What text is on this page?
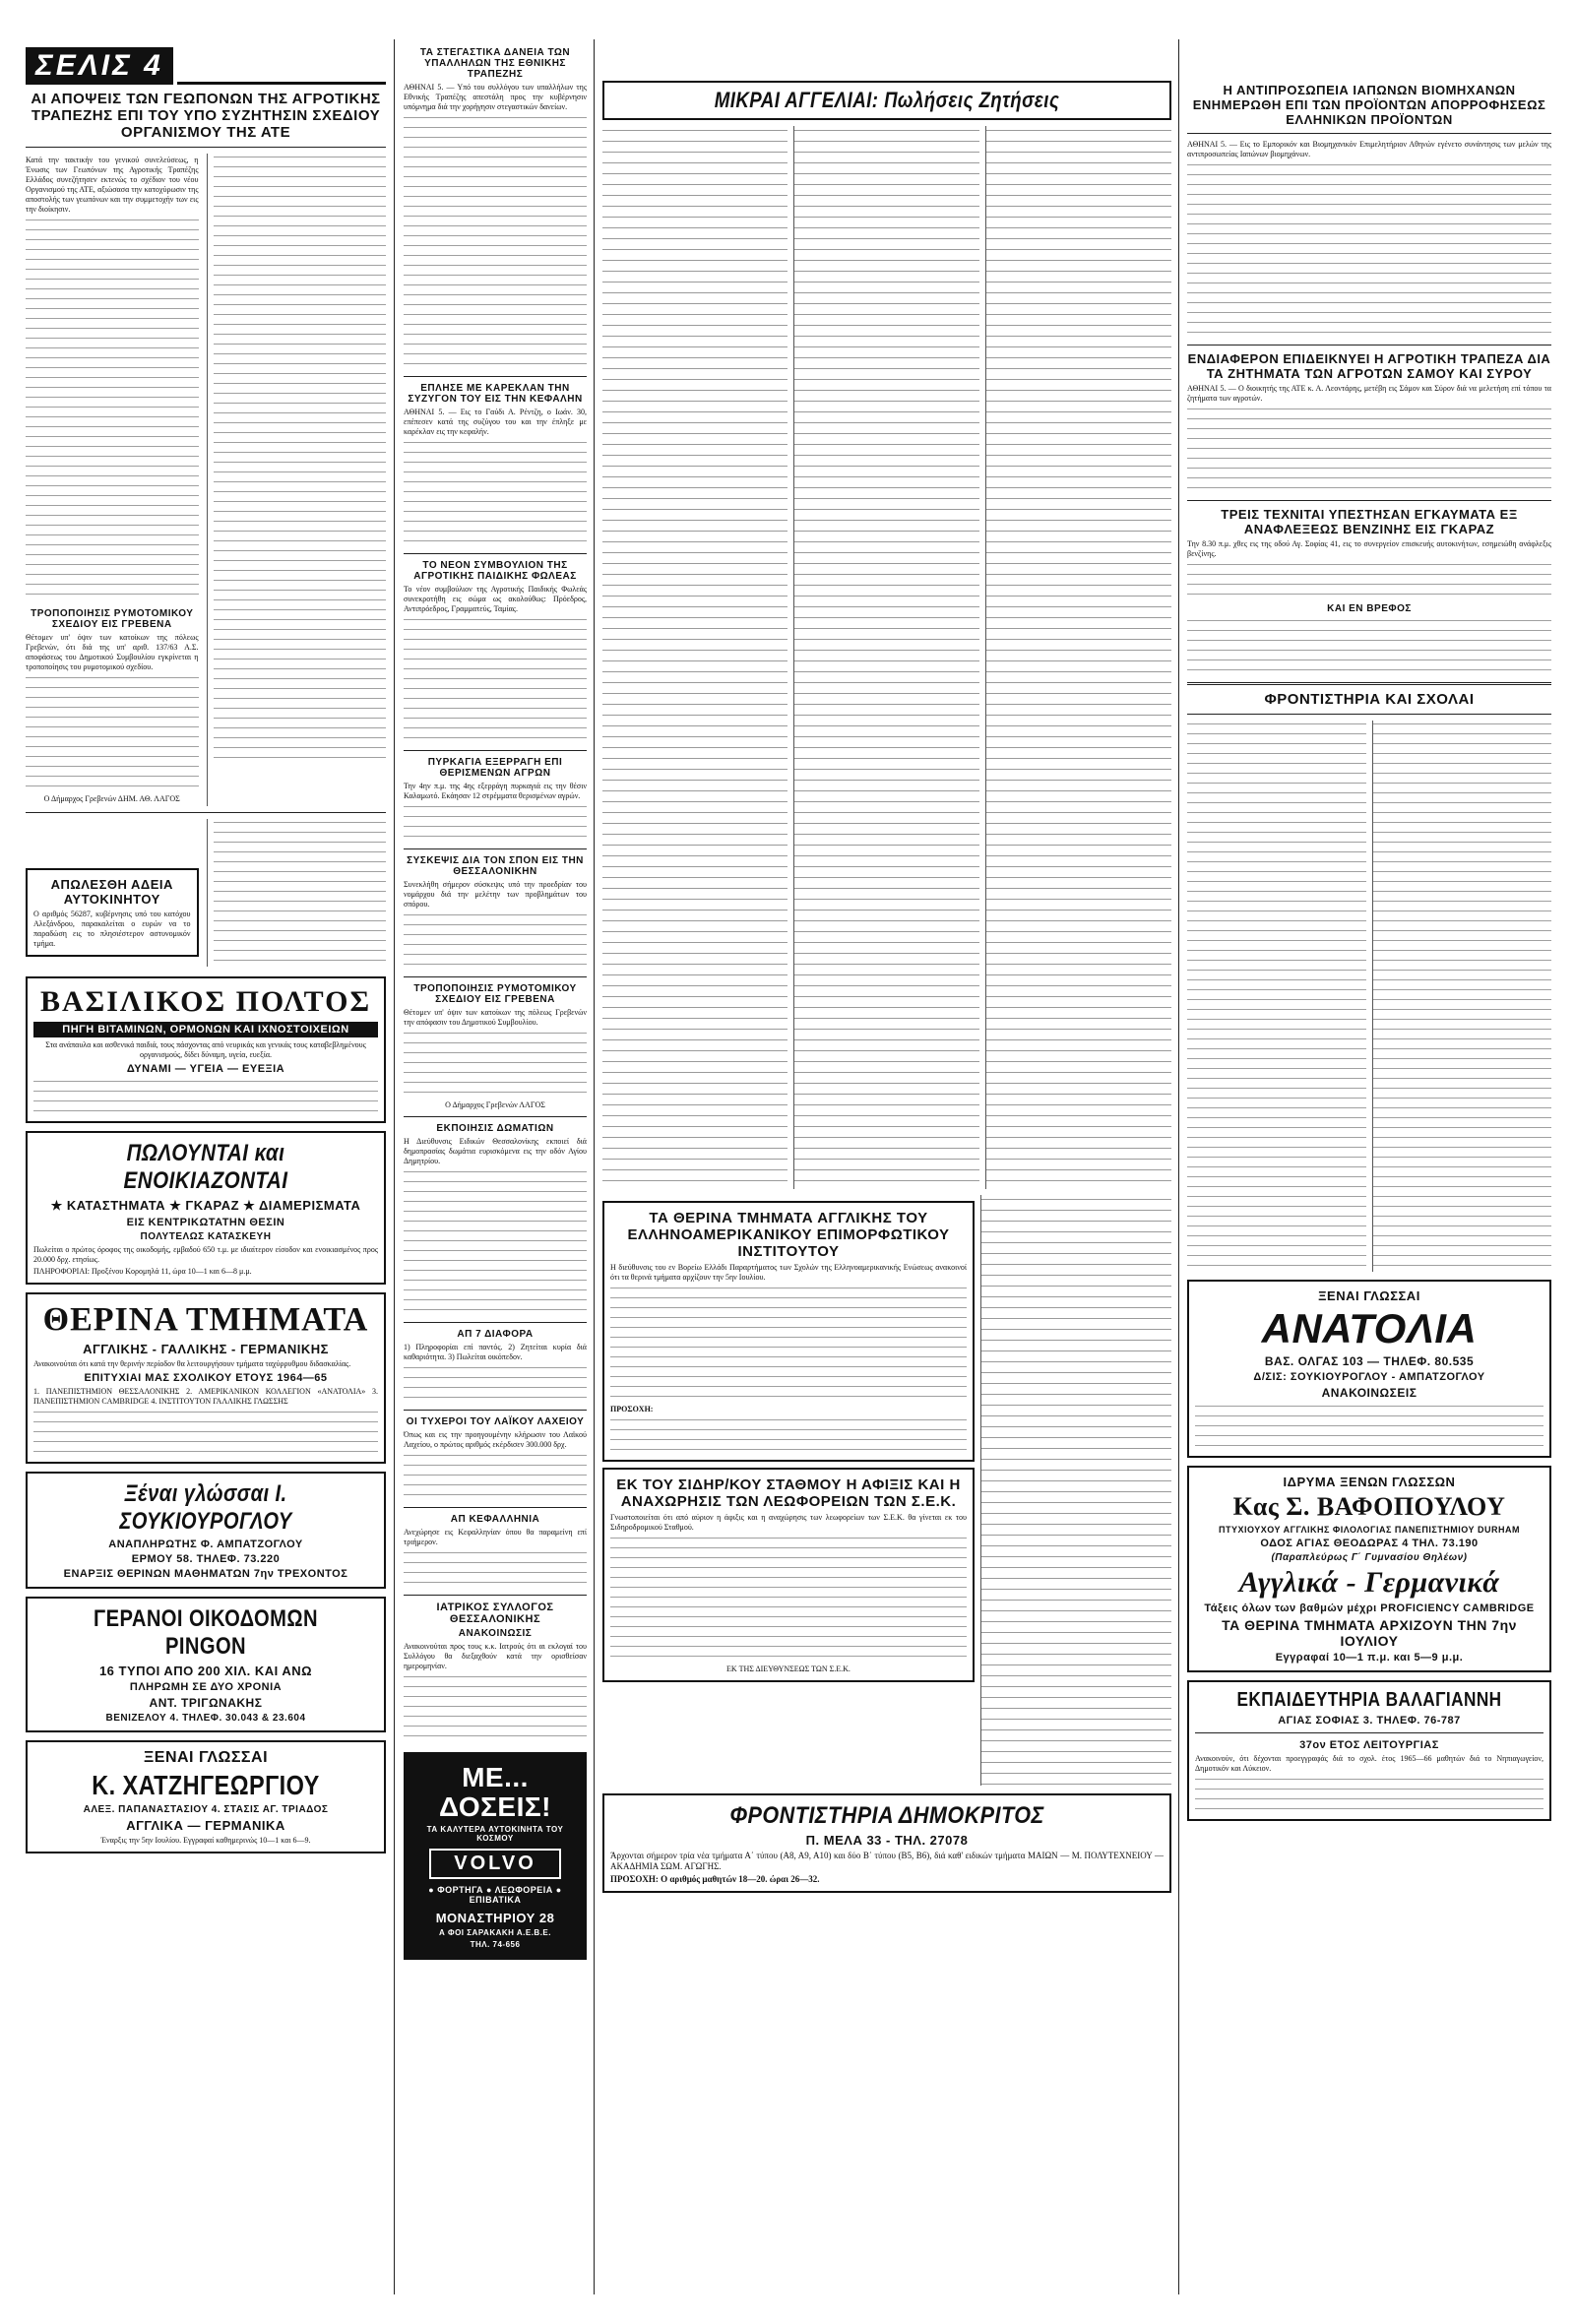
ΣΕΛΙΣ 4
ΑΙ ΑΠΟΨΕΙΣ ΤΩΝ ΓΕΩΠΟΝΩΝ ΤΗΣ ΑΓΡΟΤΙΚΗΣ ΤΡΑΠΕΖΗΣ ΕΠΙ ΤΟΥ ΥΠΟ ΣΥΖΗΤΗΣΙΝ ΣΧΕΔΙΟΥ ΟΡΓΑΝΙΣΜΟΥ ΤΗΣ ΑΤΕ

Κατά την τακτικήν του γενικού συνελεύσεως, η Ένωσις των Γεωπόνων της Αγροτικής Τραπέζης Ελλάδος συνεζήτησεν εκτενώς το σχέδιον του νέου Οργανισμού της ΑΤΕ, αξιώσασα την κατοχύρωσιν της αποστολής των γεωπόνων και την συμμετοχήν των εις την διοίκησιν.

ΤΡΟΠΟΠΟΙΗΣΙΣ ΡΥΜΟΤΟΜΙΚΟΥ ΣΧΕΔΙΟΥ ΕΙΣ ΓΡΕΒΕΝΑ

Θέτομεν υπ' όψιν των κατοίκων της πόλεως Γρεβενών, ότι διά της υπ' αριθ. 137/63 Α.Σ. αποφάσεως του Δημοτικού Συμβουλίου εγκρίνεται η τροποποίησις του ρυμοτομικού σχεδίου.

Ο Δήμαρχος Γρεβενών ΔΗΜ. ΑΘ. ΛΑΓΟΣ

ΑΠΩΛΕΣΘΗ ΑΔΕΙΑ ΑΥΤΟΚΙΝΗΤΟΥ

Ο αριθμός 56287, κυβέρνησις υπό του κατόχου Αλεξάνδρου, παρακαλείται ο ευρών να το παραδώση εις το πλησιέστερον αστυνομικόν τμήμα.

ΒΑΣΙΛΙΚΟΣ ΠΟΛΤΟΣ
ΠΗΓΗ ΒΙΤΑΜΙΝΩΝ, ΟΡΜΟΝΩΝ ΚΑΙ ΙΧΝΟΣΤΟΙΧΕΙΩΝ

Στα ανάπαυλα και ασθενικά παιδιά, τους πάσχοντας από νευρικάς και γενικάς τους καταβεβλημένους οργανισμούς, δίδει δύναμη, υγεία, ευεξία.

ΔΥΝΑΜΙ — ΥΓΕΙΑ — ΕΥΕΞΙΑ
ΠΩΛΟΥΝΤΑΙ και ΕΝΟΙΚΙΑΖΟΝΤΑΙ
★ ΚΑΤΑΣΤΗΜΑΤΑ ★ ΓΚΑΡΑΖ ★ ΔΙΑΜΕΡΙΣΜΑΤΑ
ΕΙΣ ΚΕΝΤΡΙΚΩΤΑΤΗΝ ΘΕΣΙΝ
ΠΟΛΥΤΕΛΩΣ ΚΑΤΑΣΚΕΥΗ

Πωλείται ο πρώτος όροφος της οικοδομής, εμβαδού 650 τ.μ. με ιδιαίτερον είσοδον και ενοικιασμένος προς 20.000 δρχ. ετησίως.

ΠΛΗΡΟΦΟΡΙΑΙ: Προξένου Κορομηλά 11, ώρα 10—1 και 6—8 μ.μ.

ΘΕΡΙΝΑ ΤΜΗΜΑΤΑ
ΑΓΓΛΙΚΗΣ - ΓΑΛΛΙΚΗΣ - ΓΕΡΜΑΝΙΚΗΣ

Ανακοινούται ότι κατά την θερινήν περίοδον θα λειτουργήσουν τμήματα ταχύρρυθμου διδασκαλίας.

ΕΠΙΤΥΧΙΑΙ ΜΑΣ ΣΧΟΛΙΚΟΥ ΕΤΟΥΣ 1964—65

1. ΠΑΝΕΠΙΣΤΗΜΙΟΝ ΘΕΣΣΑΛΟΝΙΚΗΣ 2. ΑΜΕΡΙΚΑΝΙΚΟΝ ΚΟΛΛΕΓΙΟΝ «ΑΝΑΤΟΛΙΑ» 3. ΠΑΝΕΠΙΣΤΗΜΙΟΝ CAMBRIDGE 4. ΙΝΣΤΙΤΟΥΤΟΝ ΓΑΛΛΙΚΗΣ ΓΛΩΣΣΗΣ

Ξέναι γλώσσαι Ι. ΣΟΥΚΙΟΥΡΟΓΛΟΥ
ΑΝΑΠΛΗΡΩΤΗΣ Φ. ΑΜΠΑΤΖΟΓΛΟΥ
ΕΡΜΟΥ 58. ΤΗΛΕΦ. 73.220
ΕΝΑΡΞΙΣ ΘΕΡΙΝΩΝ ΜΑΘΗΜΑΤΩΝ 7ην ΤΡΕΧΟΝΤΟΣ
ΓΕΡΑΝΟΙ ΟΙΚΟΔΟΜΩΝ PINGON
16 ΤΥΠΟΙ ΑΠΟ 200 ΧΙΛ. ΚΑΙ ΑΝΩ
ΠΛΗΡΩΜΗ ΣΕ ΔΥΟ ΧΡΟΝΙΑ
ΑΝΤ. ΤΡΙΓΩΝΑΚΗΣ
ΒΕΝΙΖΕΛΟΥ 4. ΤΗΛΕΦ. 30.043 & 23.604
ΞΕΝΑΙ ΓΛΩΣΣΑΙ
Κ. ΧΑΤΖΗΓΕΩΡΓΙΟΥ
ΑΛΕΞ. ΠΑΠΑΝΑΣΤΑΣΙΟΥ 4. ΣΤΑΣΙΣ ΑΓ. ΤΡΙΑΔΟΣ
ΑΓΓΛΙΚΑ — ΓΕΡΜΑΝΙΚΑ

Έναρξις την 5ην Ιουλίου. Εγγραφαί καθημερινώς 10—1 και 6—9.

ΤΑ ΣΤΕΓΑΣΤΙΚΑ ΔΑΝΕΙΑ ΤΩΝ ΥΠΑΛΛΗΛΩΝ ΤΗΣ ΕΘΝΙΚΗΣ ΤΡΑΠΕΖΗΣ

ΑΘΗΝΑΙ 5. — Υπό του συλλόγου των υπαλλήλων της Εθνικής Τραπέζης απεστάλη προς την κυβέρνησιν υπόμνημα διά την χορήγησιν στεγαστικών δανείων.

ΕΠΛΗΣΕ ΜΕ ΚΑΡΕΚΛΑΝ ΤΗΝ ΣΥΖΥΓΟΝ ΤΟΥ ΕΙΣ ΤΗΝ ΚΕΦΑΛΗΝ

ΑΘΗΝΑΙ 5. — Εις το Γαύδι Α. Ρέντζη, ο Ιωάν. 30, επέπεσεν κατά της συζύγου του και την έπληξε με καρέκλαν εις την κεφαλήν.

ΤΟ ΝΕΟΝ ΣΥΜΒΟΥΛΙΟΝ ΤΗΣ ΑΓΡΟΤΙΚΗΣ ΠΑΙΔΙΚΗΣ ΦΩΛΕΑΣ

Το νέον συμβούλιον της Αγροτικής Παιδικής Φωλεάς συνεκροτήθη εις σώμα ως ακολούθως: Πρόεδρος, Αντιπρόεδρος, Γραμματεύς, Ταμίας.

ΠΥΡΚΑΓΙΑ ΕΞΕΡΡΑΓΗ ΕΠΙ ΘΕΡΙΣΜΕΝΩΝ ΑΓΡΩΝ

Την 4ην π.μ. της 4ης εξερράγη πυρκαγιά εις την θέσιν Καλαμωτό. Εκάησαν 12 στρέμματα θερισμένων αγρών.

ΣΥΣΚΕΨΙΣ ΔΙΑ ΤΟΝ ΣΠΟΝ ΕΙΣ ΤΗΝ ΘΕΣΣΑΛΟΝΙΚΗΝ

Συνεκλήθη σήμερον σύσκεψις υπό την προεδρίαν του νομάρχου διά την μελέτην των προβλημάτων του σπόρου.

ΤΡΟΠΟΠΟΙΗΣΙΣ ΡΥΜΟΤΟΜΙΚΟΥ ΣΧΕΔΙΟΥ ΕΙΣ ΓΡΕΒΕΝΑ

Θέτομεν υπ' όψιν των κατοίκων της πόλεως Γρεβενών την απόφασιν του Δημοτικού Συμβουλίου.

Ο Δήμαρχος Γρεβενών ΛΑΓΟΣ

ΕΚΠΟΙΗΣΙΣ ΔΩΜΑΤΙΩΝ

Η Διεύθυνσις Ειδικών Θεσσαλονίκης εκποιεί διά δημοπρασίας δωμάτια ευρισκόμενα εις την οδόν Αγίου Δημητρίου.

ΑΠ 7 ΔΙΑΦΟΡΑ

1) Πληροφορίαι επί παντός. 2) Ζητείται κυρία διά καθαριότητα. 3) Πωλείται οικόπεδον.

ΟΙ ΤΥΧΕΡΟΙ ΤΟΥ ΛΑΪΚΟΥ ΛΑΧΕΙΟΥ

Όπως και εις την προηγουμένην κλήρωσιν του Λαϊκού Λαχείου, ο πρώτος αριθμός εκέρδισεν 300.000 δρχ.

ΑΠ ΚΕΦΑΛΛΗΝΙΑ

Ανεχώρησε εις Κεφαλληνίαν όπου θα παραμείνη επί τριήμερον.

ΙΑΤΡΙΚΟΣ ΣΥΛΛΟΓΟΣ ΘΕΣΣΑΛΟΝΙΚΗΣ
ΑΝΑΚΟΙΝΩΣΙΣ

Ανακοινούται προς τους κ.κ. Ιατρούς ότι αι εκλογαί του Συλλόγου θα διεξαχθούν κατά την ορισθείσαν ημερομηνίαν.

ΜΕ... ΔΟΣΕΙΣ!
ΤΑ ΚΑΛΥΤΕΡΑ ΑΥΤΟΚΙΝΗΤΑ ΤΟΥ ΚΟΣΜΟΥ
VOLVO
● ΦΟΡΤΗΓΑ ● ΛΕΩΦΟΡΕΙΑ ● ΕΠΙΒΑΤΙΚΑ
ΜΟΝΑΣΤΗΡΙΟΥ 28
Α ΦΟΙ ΣΑΡΑΚΑΚΗ Α.Ε.Β.Ε.
ΤΗΛ. 74-656
ΜΙΚΡΑΙ ΑΓΓΕΛΙΑΙ: Πωλήσεις Ζητήσεις
ΤΑ ΘΕΡΙΝΑ ΤΜΗΜΑΤΑ ΑΓΓΛΙΚΗΣ ΤΟΥ ΕΛΛΗΝΟΑΜΕΡΙΚΑΝΙΚΟΥ ΕΠΙΜΟΡΦΩΤΙΚΟΥ ΙΝΣΤΙΤΟΥΤΟΥ

Η διεύθυνσις του εν Βορείω Ελλάδι Παραρτήματος των Σχολών της Ελληνοαμερικανικής Ενώσεως ανακοινοί ότι τα θερινά τμήματα αρχίζουν την 5ην Ιουλίου.

ΠΡΟΣΟΧΗ:

ΕΚ ΤΟΥ ΣΙΔΗΡ/ΚΟΥ ΣΤΑΘΜΟΥ Η ΑΦΙΞΙΣ ΚΑΙ Η ΑΝΑΧΩΡΗΣΙΣ ΤΩΝ ΛΕΩΦΟΡΕΙΩΝ ΤΩΝ Σ.Ε.Κ.

Γνωστοποιείται ότι από αύριον η άφιξις και η αναχώρησις των λεωφορείων των Σ.Ε.Κ. θα γίνεται εκ του Σιδηροδρομικού Σταθμού.

ΕΚ ΤΗΣ ΔΙΕΥΘΥΝΣΕΩΣ ΤΩΝ Σ.Ε.Κ.

ΦΡΟΝΤΙΣΤΗΡΙΑ ΔΗΜΟΚΡΙΤΟΣ
Π. ΜΕΛΑ 33 - ΤΗΛ. 27078

Άρχονται σήμερον τρία νέα τμήματα Α΄ τύπου (Α8, Α9, Α10) και δύο Β΄ τύπου (Β5, Β6), διά καθ' ειδικών τμήματα ΜΑΙΩΝ — Μ. ΠΟΛΥΤΕΧΝΕΙΟΥ — ΑΚΑΔΗΜΙΑ ΣΩΜ. ΑΓΩΓΗΣ.

ΠΡΟΣΟΧΗ: Ο αριθμός μαθητών 18—20. ώραι 26—32.

Η ΑΝΤΙΠΡΟΣΩΠΕΙΑ ΙΑΠΩΝΩΝ ΒΙΟΜΗΧΑΝΩΝ ΕΝΗΜΕΡΩΘΗ ΕΠΙ ΤΩΝ ΠΡΟΪΟΝΤΩΝ ΑΠΟΡΡΟΦΗΣΕΩΣ ΕΛΛΗΝΙΚΩΝ ΠΡΟΪΟΝΤΩΝ

ΑΘΗΝΑΙ 5. — Εις το Εμπορικόν και Βιομηχανικόν Επιμελητήριον Αθηνών εγένετο συνάντησις των μελών της αντιπροσωπείας Ιαπώνων βιομηχάνων.

ΕΝΔΙΑΦΕΡΟΝ ΕΠΙΔΕΙΚΝΥΕΙ Η ΑΓΡΟΤΙΚΗ ΤΡΑΠΕΖΑ ΔΙΑ ΤΑ ΖΗΤΗΜΑΤΑ ΤΩΝ ΑΓΡΟΤΩΝ ΣΑΜΟΥ ΚΑΙ ΣΥΡΟΥ

ΑΘΗΝΑΙ 5. — Ο διοικητής της ΑΤΕ κ. Α. Λεοντάρης, μετέβη εις Σάμον και Σύρον διά να μελετήση επί τόπου τα ζητήματα των αγροτών.

ΤΡΕΙΣ ΤΕΧΝΙΤΑΙ ΥΠΕΣΤΗΣΑΝ ΕΓΚΑΥΜΑΤΑ ΕΞ ΑΝΑΦΛΕΞΕΩΣ ΒΕΝΖΙΝΗΣ ΕΙΣ ΓΚΑΡΑΖ

Την 8.30 π.μ. χθες εις της οδού Αγ. Σοφίας 41, εις το συνεργείον επισκευής αυτοκινήτων, εσημειώθη ανάφλεξις βενζίνης.

ΚΑΙ ΕΝ ΒΡΕΦΟΣ
ΦΡΟΝΤΙΣΤΗΡΙΑ ΚΑΙ ΣΧΟΛΑΙ
ΞΕΝΑΙ ΓΛΩΣΣΑΙ
ΑΝΑΤΟΛΙΑ
ΒΑΣ. ΟΛΓΑΣ 103 — ΤΗΛΕΦ. 80.535
Δ/ΣΙΣ: ΣΟΥΚΙΟΥΡΟΓΛΟΥ - ΑΜΠΑΤΖΟΓΛΟΥ
ΑΝΑΚΟΙΝΩΣΕΙΣ
ΙΔΡΥΜΑ ΞΕΝΩΝ ΓΛΩΣΣΩΝ
Κας Σ. ΒΑΦΟΠΟΥΛΟΥ
ΠΤΥΧΙΟΥΧΟΥ ΑΓΓΛΙΚΗΣ ΦΙΛΟΛΟΓΙΑΣ ΠΑΝΕΠΙΣΤΗΜΙΟΥ DURHAM
ΟΔΟΣ ΑΓΙΑΣ ΘΕΟΔΩΡΑΣ 4 ΤΗΛ. 73.190
(Παραπλεύρως Γ΄ Γυμνασίου Θηλέων)
Αγγλικά - Γερμανικά
Τάξεις όλων των βαθμών μέχρι PROFICIENCY CAMBRIDGE
ΤΑ ΘΕΡΙΝΑ ΤΜΗΜΑΤΑ ΑΡΧΙΖΟΥΝ ΤΗΝ 7ην ΙΟΥΛΙΟΥ
Εγγραφαί 10—1 π.μ. και 5—9 μ.μ.
ΕΚΠΑΙΔΕΥΤΗΡΙΑ ΒΑΛΑΓΙΑΝΝΗ
ΑΓΙΑΣ ΣΟΦΙΑΣ 3. ΤΗΛΕΦ. 76-787
37ον ΕΤΟΣ ΛΕΙΤΟΥΡΓΙΑΣ

Ανακοινούν, ότι δέχονται προεγγραφάς διά το σχολ. έτος 1965—66 μαθητών διά το Νηπιαγωγείον, Δημοτικόν και Λύκειον.
